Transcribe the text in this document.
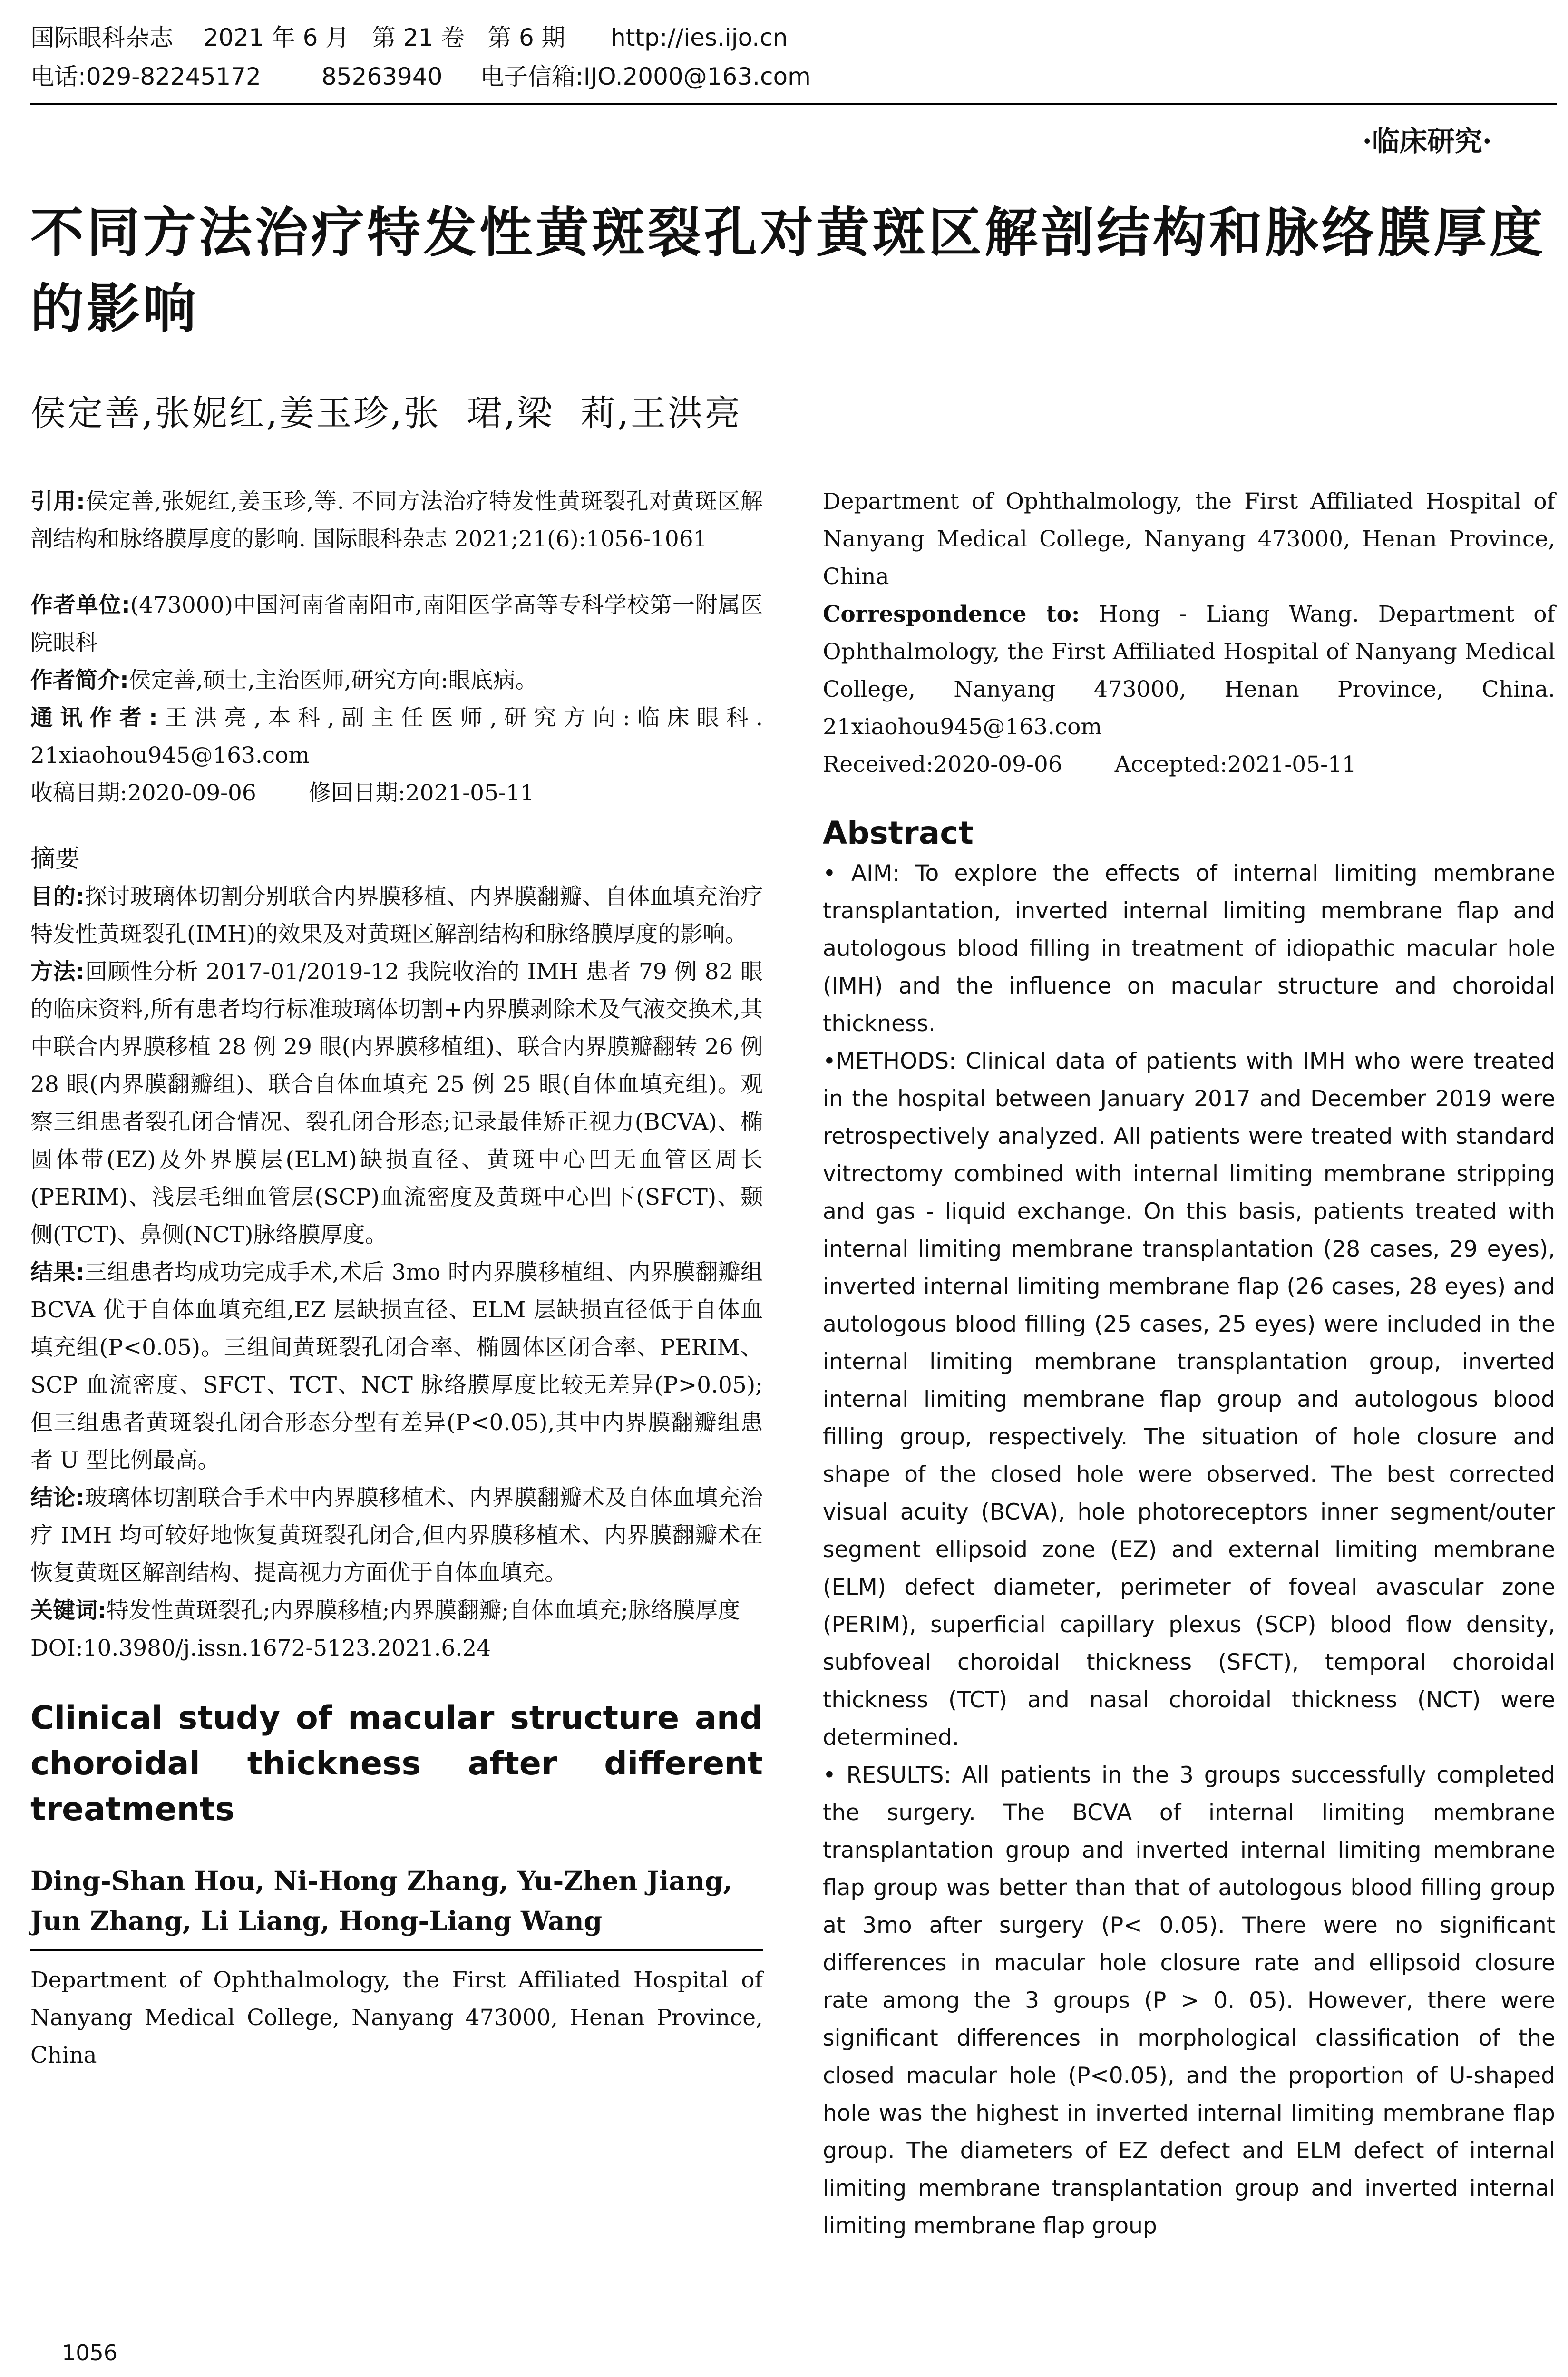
国际眼科杂志    2021 年 6 月   第 21 卷   第 6 期      http://ies.ijo.cn
电话:029-82245172        85263940     电子信箱:IJO.2000@163.com
·临床研究·
不同方法治疗特发性黄斑裂孔对黄斑区解剖结构和脉络膜厚度的影响
侯定善,张妮红,姜玉珍,张  珺,梁  莉,王洪亮

引用:侯定善,张妮红,姜玉珍,等. 不同方法治疗特发性黄斑裂孔对黄斑区解剖结构和脉络膜厚度的影响. 国际眼科杂志 2021;21(6):1056-1061

作者单位:(473000)中国河南省南阳市,南阳医学高等专科学校第一附属医院眼科

作者简介:侯定善,硕士,主治医师,研究方向:眼底病。

通讯作者:王洪亮,本科,副主任医师,研究方向:临床眼科. 21xiaohou945@163.com

收稿日期:2020-09-06 修回日期:2021-05-11

摘要

目的:探讨玻璃体切割分别联合内界膜移植、内界膜翻瓣、自体血填充治疗特发性黄斑裂孔(IMH)的效果及对黄斑区解剖结构和脉络膜厚度的影响。

方法:回顾性分析 2017-01/2019-12 我院收治的 IMH 患者 79 例 82 眼的临床资料,所有患者均行标准玻璃体切割+内界膜剥除术及气液交换术,其中联合内界膜移植 28 例 29 眼(内界膜移植组)、联合内界膜瓣翻转 26 例 28 眼(内界膜翻瓣组)、联合自体血填充 25 例 25 眼(自体血填充组)。观察三组患者裂孔闭合情况、裂孔闭合形态;记录最佳矫正视力(BCVA)、椭圆体带(EZ)及外界膜层(ELM)缺损直径、黄斑中心凹无血管区周长(PERIM)、浅层毛细血管层(SCP)血流密度及黄斑中心凹下(SFCT)、颞侧(TCT)、鼻侧(NCT)脉络膜厚度。

结果:三组患者均成功完成手术,术后 3mo 时内界膜移植组、内界膜翻瓣组 BCVA 优于自体血填充组,EZ 层缺损直径、ELM 层缺损直径低于自体血填充组(P<0.05)。三组间黄斑裂孔闭合率、椭圆体区闭合率、PERIM、SCP 血流密度、SFCT、TCT、NCT 脉络膜厚度比较无差异(P>0.05);但三组患者黄斑裂孔闭合形态分型有差异(P<0.05),其中内界膜翻瓣组患者 U 型比例最高。

结论:玻璃体切割联合手术中内界膜移植术、内界膜翻瓣术及自体血填充治疗 IMH 均可较好地恢复黄斑裂孔闭合,但内界膜移植术、内界膜翻瓣术在恢复黄斑区解剖结构、提高视力方面优于自体血填充。

关键词:特发性黄斑裂孔;内界膜移植;内界膜翻瓣;自体血填充;脉络膜厚度

DOI:10.3980/j.issn.1672-5123.2021.6.24

Clinical study of macular structure and choroidal thickness after different treatments

Ding-Shan Hou, Ni-Hong Zhang, Yu-Zhen Jiang, Jun Zhang, Li Liang, Hong-Liang Wang

Department of Ophthalmology, the First Affiliated Hospital of Nanyang Medical College, Nanyang 473000, Henan Province, China

Department of Ophthalmology, the First Affiliated Hospital of Nanyang Medical College, Nanyang 473000, Henan Province, China

Correspondence to: Hong - Liang Wang. Department of Ophthalmology, the First Affiliated Hospital of Nanyang Medical College, Nanyang 473000, Henan Province, China. 21xiaohou945@163.com

Received:2020-09-06 Accepted:2021-05-11

Abstract

• AIM: To explore the effects of internal limiting membrane transplantation, inverted internal limiting membrane flap and autologous blood filling in treatment of idiopathic macular hole (IMH) and the influence on macular structure and choroidal thickness.

•METHODS: Clinical data of patients with IMH who were treated in the hospital between January 2017 and December 2019 were retrospectively analyzed. All patients were treated with standard vitrectomy combined with internal limiting membrane stripping and gas - liquid exchange. On this basis, patients treated with internal limiting membrane transplantation (28 cases, 29 eyes), inverted internal limiting membrane flap (26 cases, 28 eyes) and autologous blood filling (25 cases, 25 eyes) were included in the internal limiting membrane transplantation group, inverted internal limiting membrane flap group and autologous blood filling group, respectively. The situation of hole closure and shape of the closed hole were observed. The best corrected visual acuity (BCVA), hole photoreceptors inner segment/outer segment ellipsoid zone (EZ) and external limiting membrane (ELM) defect diameter, perimeter of foveal avascular zone (PERIM), superficial capillary plexus (SCP) blood flow density, subfoveal choroidal thickness (SFCT), temporal choroidal thickness (TCT) and nasal choroidal thickness (NCT) were determined.

• RESULTS: All patients in the 3 groups successfully completed the surgery. The BCVA of internal limiting membrane transplantation group and inverted internal limiting membrane flap group was better than that of autologous blood filling group at 3mo after surgery (P< 0.05). There were no significant differences in macular hole closure rate and ellipsoid closure rate among the 3 groups (P > 0. 05). However, there were significant differences in morphological classification of the closed macular hole (P<0.05), and the proportion of U-shaped hole was the highest in inverted internal limiting membrane flap group. The diameters of EZ defect and ELM defect of internal limiting membrane transplantation group and inverted internal limiting membrane flap group

1056
